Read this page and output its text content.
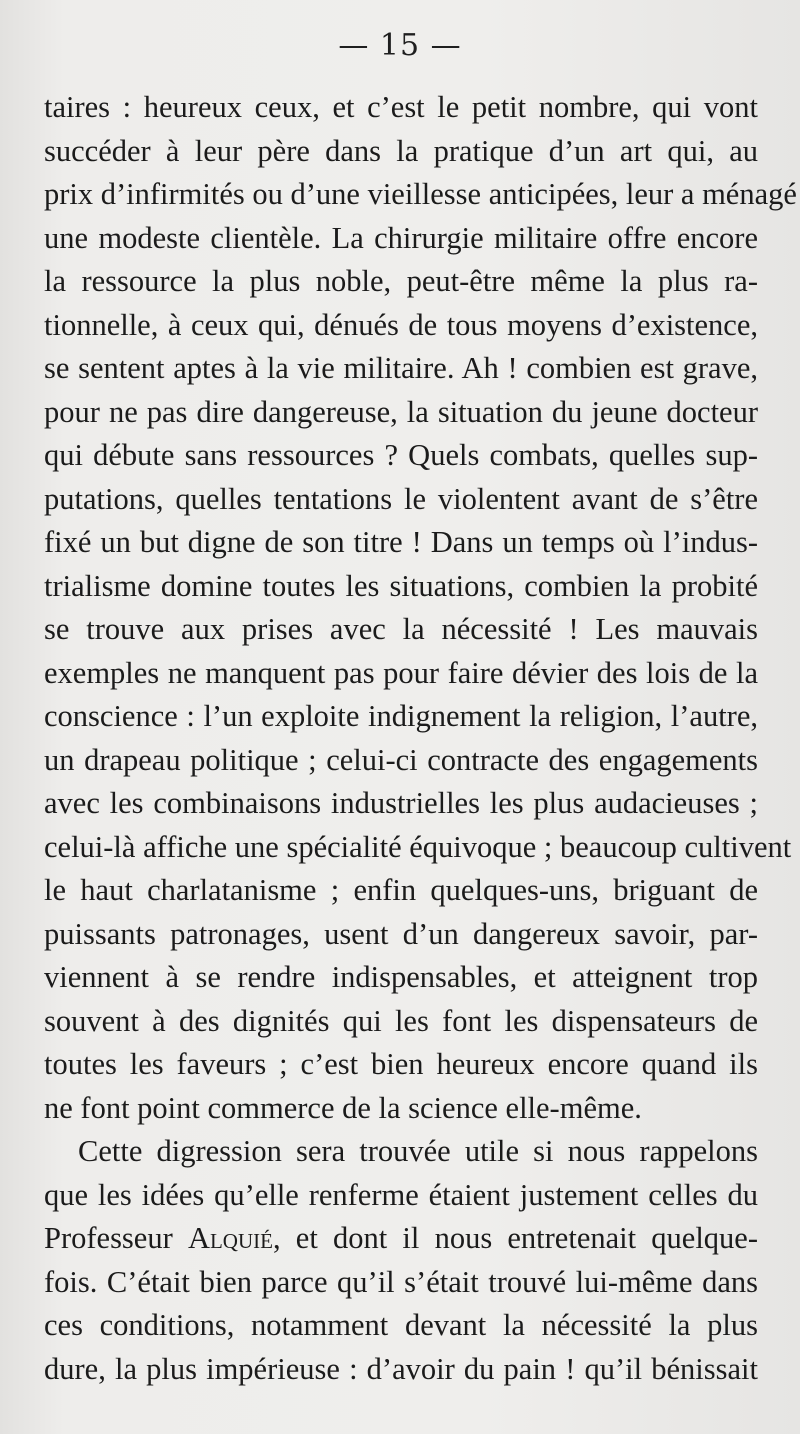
— 15 —
taires : heureux ceux, et c’est le petit nombre, qui vont
succéder à leur père dans la pratique d’un art qui, au
prix d’infirmités ou d’une vieillesse anticipées, leur a ménagé
une modeste clientèle. La chirurgie militaire offre encore
la ressource la plus noble, peut-être même la plus ra-
tionnelle, à ceux qui, dénués de tous moyens d’existence,
se sentent aptes à la vie militaire. Ah ! combien est grave,
pour ne pas dire dangereuse, la situation du jeune docteur
qui débute sans ressources ? Quels combats, quelles sup-
putations, quelles tentations le violentent avant de s’être
fixé un but digne de son titre ! Dans un temps où l’indus-
trialisme domine toutes les situations, combien la probité
se trouve aux prises avec la nécessité ! Les mauvais
exemples ne manquent pas pour faire dévier des lois de la
conscience : l’un exploite indignement la religion, l’autre,
un drapeau politique ; celui-ci contracte des engagements
avec les combinaisons industrielles les plus audacieuses ;
celui-là affiche une spécialité équivoque ; beaucoup cultivent
le haut charlatanisme ; enfin quelques-uns, briguant de
puissants patronages, usent d’un dangereux savoir, par-
viennent à se rendre indispensables, et atteignent trop
souvent à des dignités qui les font les dispensateurs de
toutes les faveurs ; c’est bien heureux encore quand ils
ne font point commerce de la science elle-même.
Cette digression sera trouvée utile si nous rappelons
que les idées qu’elle renferme étaient justement celles du
Professeur Alquié, et dont il nous entretenait quelque-
fois. C’était bien parce qu’il s’était trouvé lui-même dans
ces conditions, notamment devant la nécessité la plus
dure, la plus impérieuse : d’avoir du pain ! qu’il bénissait
